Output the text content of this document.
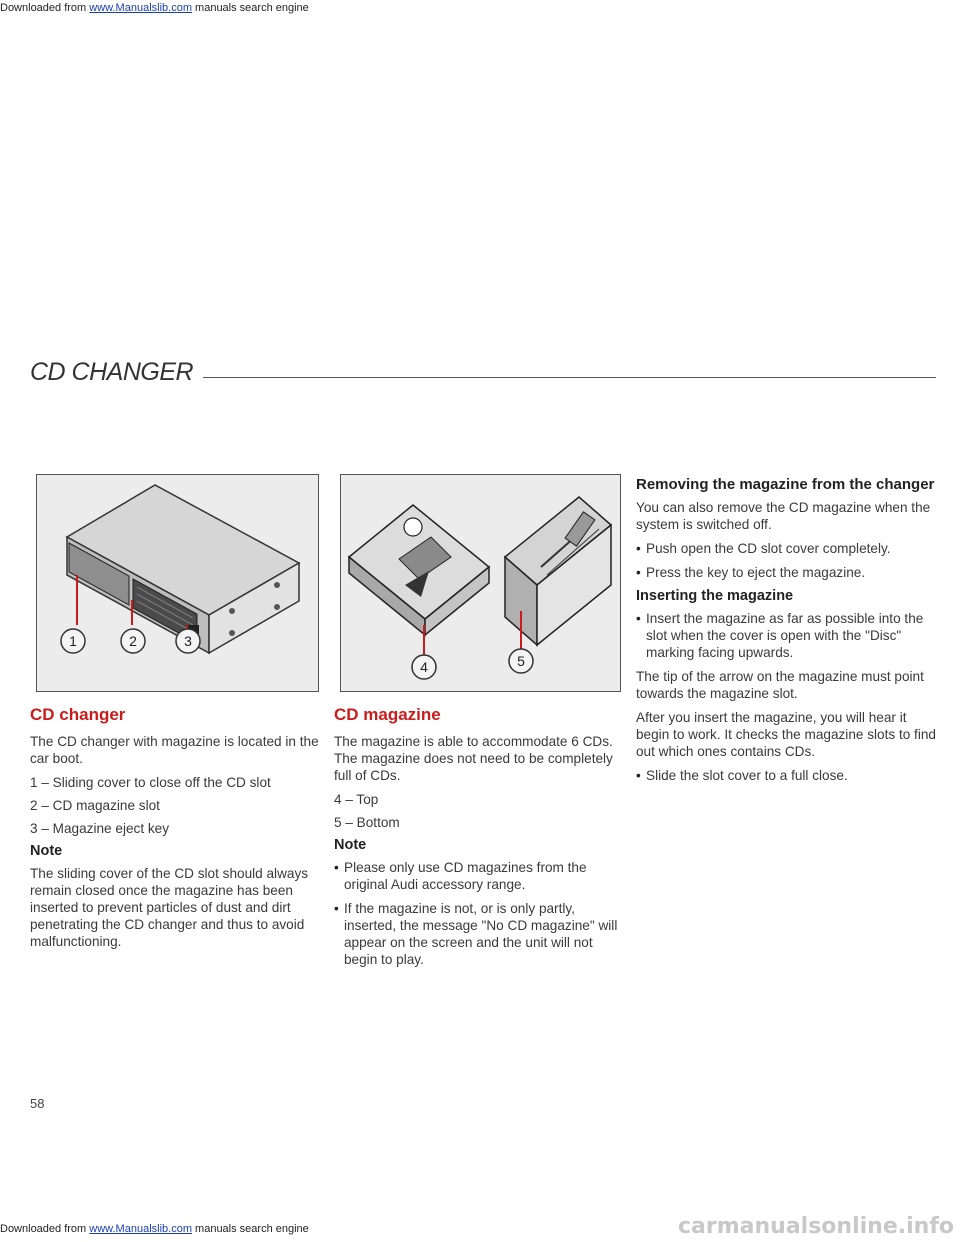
Downloaded from www.Manualslib.com manuals search engine
CD CHANGER
1	2	3
4	5
CD changer

The CD changer with magazine is located in the car boot.

1 – Sliding cover to close off the CD slot
2 – CD magazine slot
3 – Magazine eject key
Note

The sliding cover of the CD slot should always remain closed once the magazine has been inserted to prevent particles of dust and dirt penetrating the CD changer and thus to avoid malfunctioning.

CD magazine

The magazine is able to accommodate 6 CDs. The magazine does not need to be completely full of CDs.

4 – Top
5 – Bottom
Note
• Please only use CD magazines from the original Audi accessory range.
• If the magazine is not, or is only partly, inserted, the message "No CD magazine" will appear on the screen and the unit will not begin to play.
Removing the magazine from the changer

You can also remove the CD magazine when the system is switched off.

• Push open the CD slot cover completely.
• Press the key to eject the magazine.
Inserting the magazine
• Insert the magazine as far as possible into the slot when the cover is open with the "Disc" marking facing upwards.

The tip of the arrow on the magazine must point towards the magazine slot.

After you insert the magazine, you will hear it begin to work. It checks the magazine slots to find out which ones contains CDs.

• Slide the slot cover to a full close.
58
Downloaded from www.Manualslib.com manuals search engine	carmanualsonline.info
